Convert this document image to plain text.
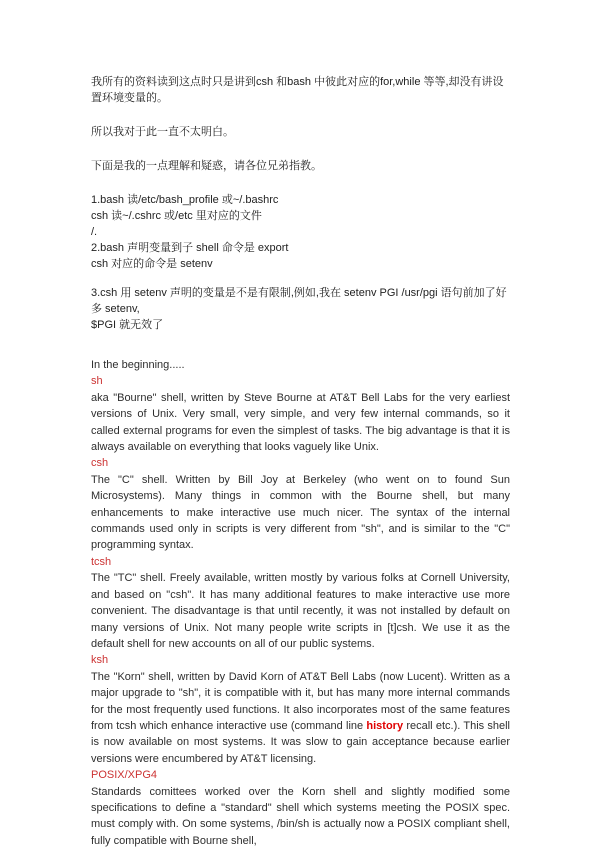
我所有的资料读到这点时只是讲到csh 和bash 中彼此对应的for,while 等等,却没有讲设置环境变量的。

所以我对于此一直不太明白。

下面是我的一点理解和疑惑，请各位兄弟指教。

1.bash 读/etc/bash_profile 或~/.bashrc

csh 读~/.cshrc 或/etc 里对应的文件

/.

2.bash 声明变量到子 shell 命令是 export

csh 对应的命令是 setenv

3.csh 用 setenv 声明的变量是不是有限制,例如,我在 setenv PGI /usr/pgi 语句前加了好多 setenv,

$PGI 就无效了

In the beginning.....

sh

aka "Bourne" shell, written by Steve Bourne at AT&T Bell Labs for the very earliest versions of Unix. Very small, very simple, and very few internal commands, so it called external programs for even the simplest of tasks. The big advantage is that it is always available on everything that looks vaguely like Unix.

csh

The "C" shell. Written by Bill Joy at Berkeley (who went on to found Sun Microsystems). Many things in common with the Bourne shell, but many enhancements to make interactive use much nicer. The syntax of the internal commands used only in scripts is very different from "sh", and is similar to the "C" programming syntax.

tcsh

The "TC" shell. Freely available, written mostly by various folks at Cornell University, and based on "csh". It has many additional features to make interactive use more convenient. The disadvantage is that until recently, it was not installed by default on many versions of Unix. Not many people write scripts in [t]csh. We use it as the default shell for new accounts on all of our public systems.

ksh

The "Korn" shell, written by David Korn of AT&T Bell Labs (now Lucent). Written as a major upgrade to "sh", it is compatible with it, but has many more internal commands for the most frequently used functions. It also incorporates most of the same features from tcsh which enhance interactive use (command line history recall etc.). This shell is now available on most systems. It was slow to gain acceptance because earlier versions were encumbered by AT&T licensing.

POSIX/XPG4

Standards comittees worked over the Korn shell and slightly modified some specifications to define a "standard" shell which systems meeting the POSIX spec. must comply with. On some systems, /bin/sh is actually now a POSIX compliant shell, fully compatible with Bourne shell,
